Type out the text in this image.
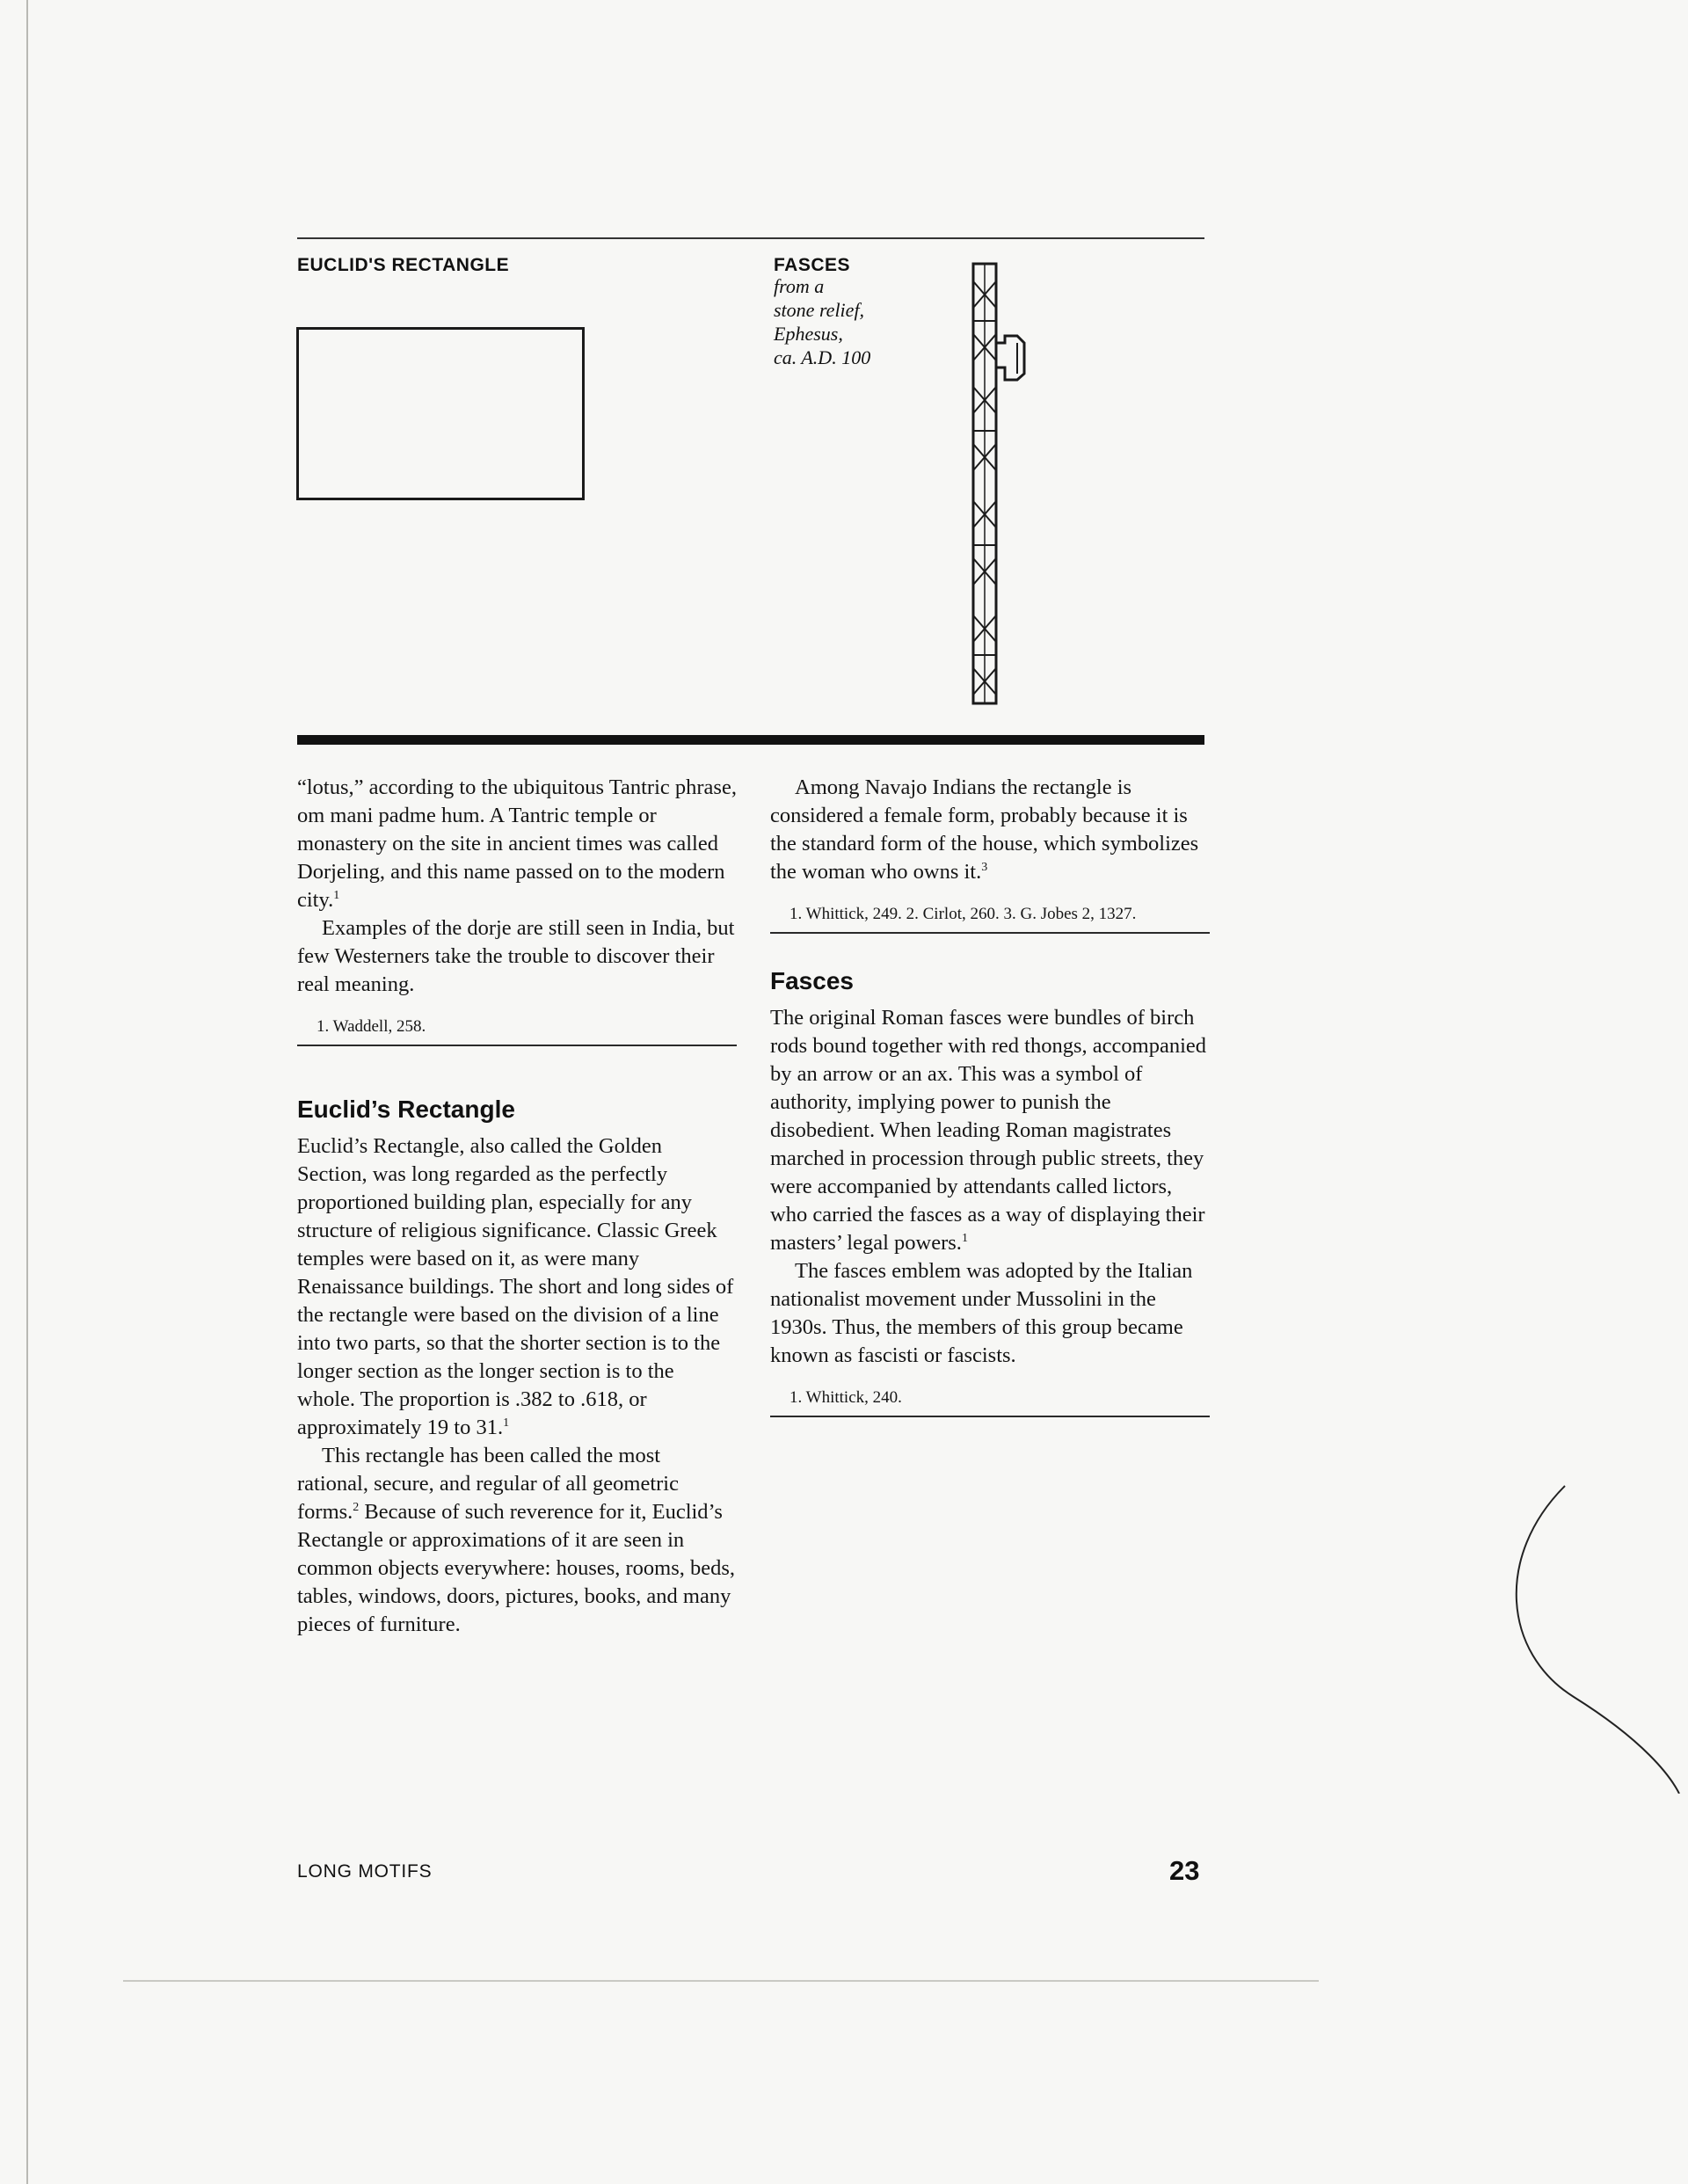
EUCLID'S RECTANGLE	FASCES
from a
stone relief,
Ephesus,
ca. A.D. 100

“lotus,” according to the ubiquitous Tantric phrase, om mani padme hum. A Tantric temple or monastery on the site in ancient times was called Dorjeling, and this name passed on to the modern city.$^1$

Examples of the dorje are still seen in India, but few Westerners take the trouble to discover their real meaning.

1. Waddell, 258.
Euclid’s Rectangle

Euclid’s Rectangle, also called the Golden Section, was long regarded as the perfectly proportioned building plan, especially for any structure of religious significance. Classic Greek temples were based on it, as were many Renaissance buildings. The short and long sides of the rectangle were based on the division of a line into two parts, so that the shorter section is to the longer section as the longer section is to the whole. The proportion is .382 to .618, or approximately 19 to 31.$^1$

This rectangle has been called the most rational, secure, and regular of all geometric forms.$^2$ Because of such reverence for it, Euclid’s Rectangle or approximations of it are seen in common objects everywhere: houses, rooms, beds, tables, windows, doors, pictures, books, and many pieces of furniture.

Among Navajo Indians the rectangle is considered a female form, probably because it is the standard form of the house, which symbolizes the woman who owns it.$^3$

1. Whittick, 249. 2. Cirlot, 260. 3. G. Jobes 2, 1327.
Fasces

The original Roman fasces were bundles of birch rods bound together with red thongs, accompanied by an arrow or an ax. This was a symbol of authority, implying power to punish the disobedient. When leading Roman magistrates marched in procession through public streets, they were accompanied by attendants called lictors, who carried the fasces as a way of displaying their masters’ legal powers.$^1$

The fasces emblem was adopted by the Italian nationalist movement under Mussolini in the 1930s. Thus, the members of this group became known as fascisti or fascists.

1. Whittick, 240.
LONG MOTIFS	23
